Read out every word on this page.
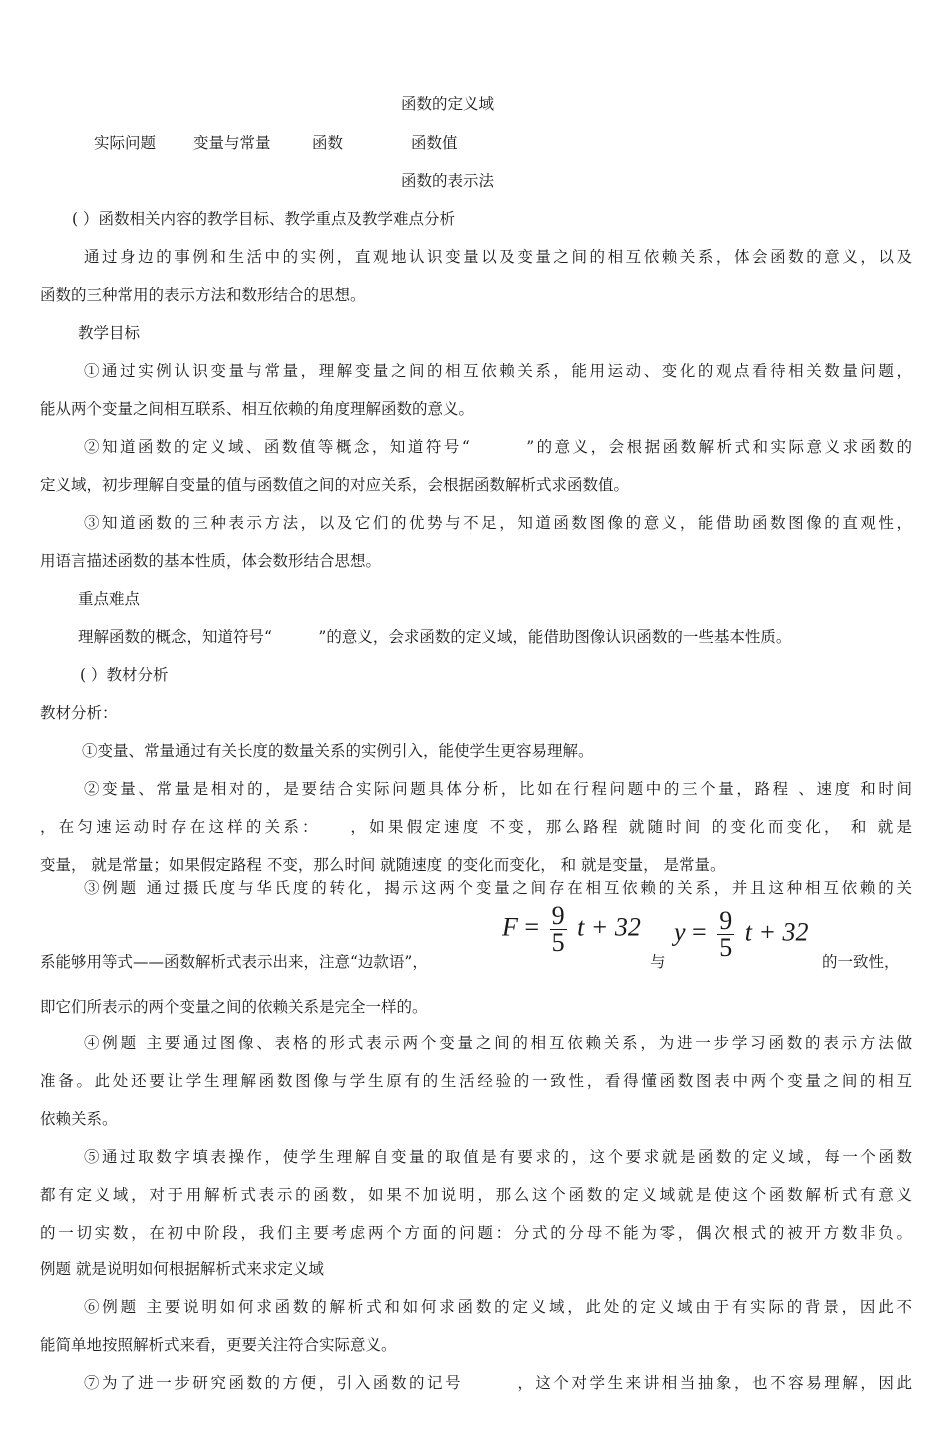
函数的定义域
实际问题 变量与常量	函数	函数值
函数的表示法
( ）函数相关内容的教学目标、教学重点及教学难点分析
通过身边的事例和生活中的实例，直观地认识变量以及变量之间的相互依赖关系，体会函数的意义，以及
函数的三种常用的表示方法和数形结合的思想。
教学目标
①通过实例认识变量与常量，理解变量之间的相互依赖关系，能用运动、变化的观点看待相关数量问题，
能从两个变量之间相互联系、相互依赖的角度理解函数的意义。
②知道函数的定义域、函数值等概念，知道符号“　　　”的意义，会根据函数解析式和实际意义求函数的
定义域，初步理解自变量的值与函数值之间的对应关系，会根据函数解析式求函数值。
③知道函数的三种表示方法，以及它们的优势与不足，知道函数图像的意义，能借助函数图像的直观性，
用语言描述函数的基本性质，体会数形结合思想。
重点难点
理解函数的概念，知道符号“　　　”的意义，会求函数的定义域，能借助图像认识函数的一些基本性质。
( ）教材分析
教材分析：
①变量、常量通过有关长度的数量关系的实例引入，能使学生更容易理解。
②变量、常量是相对的，是要结合实际问题具体分析，比如在行程问题中的三个量，路程 、速度 和时间
，在匀速运动时存在这样的关系：　　，如果假定速度 不变，那么路程 就随时间 的变化而变化， 和 就是
变量， 就是常量；如果假定路程 不变，那么时间 就随速度 的变化而变化， 和 就是变量， 是常量。
③例题 通过摄氏度与华氏度的转化，揭示这两个变量之间存在相互依赖的关系，并且这种相互依赖的关
系能够用等式——函数解析式表示出来，注意“边款语”，
$F = \frac{9}{5}$ t + 32
与
$y = \frac{9}{5}$ t + 32
的一致性，
即它们所表示的两个变量之间的依赖关系是完全一样的。
④例题 主要通过图像、表格的形式表示两个变量之间的相互依赖关系，为进一步学习函数的表示方法做
准备。此处还要让学生理解函数图像与学生原有的生活经验的一致性，看得懂函数图表中两个变量之间的相互
依赖关系。
⑤通过取数字填表操作，使学生理解自变量的取值是有要求的，这个要求就是函数的定义域，每一个函数
都有定义域，对于用解析式表示的函数，如果不加说明，那么这个函数的定义域就是使这个函数解析式有意义
的一切实数，在初中阶段，我们主要考虑两个方面的问题：分式的分母不能为零，偶次根式的被开方数非负。
例题 就是说明如何根据解析式来求定义域
⑥例题 主要说明如何求函数的解析式和如何求函数的定义域，此处的定义域由于有实际的背景，因此不
能简单地按照解析式来看，更要关注符合实际意义。
⑦为了进一步研究函数的方便，引入函数的记号　　　，这个对学生来讲相当抽象，也不容易理解，因此
